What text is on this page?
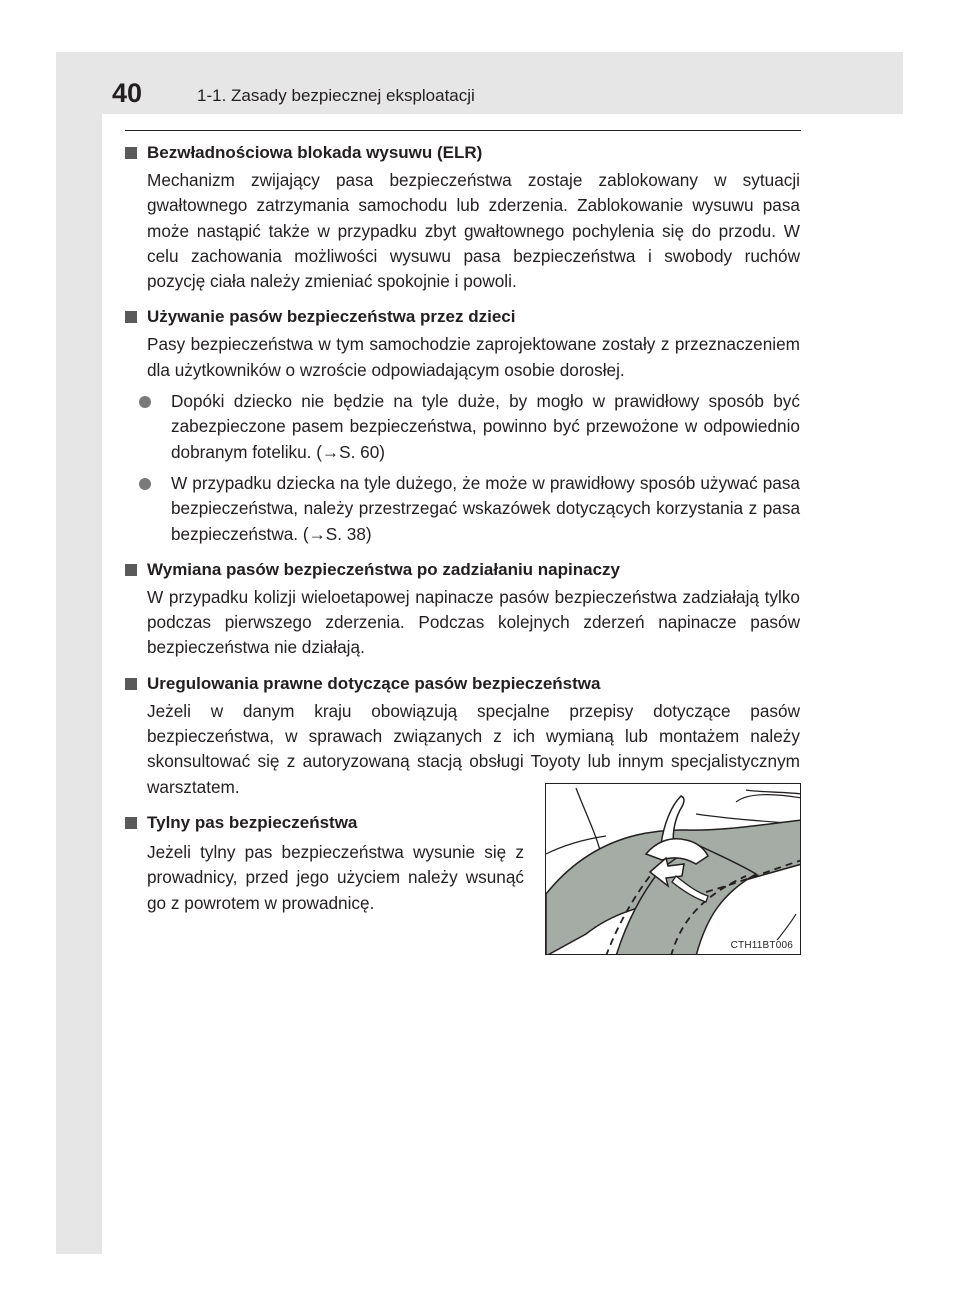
40	1-1. Zasady bezpiecznej eksploatacji
Bezwładnościowa blokada wysuwu (ELR)
Mechanizm zwijający pasa bezpieczeństwa zostaje zablokowany w sytuacji gwałtownego zatrzymania samochodu lub zderzenia. Zablokowanie wysuwu pasa może nastąpić także w przypadku zbyt gwałtownego pochylenia się do przodu. W celu zachowania możliwości wysuwu pasa bezpieczeństwa i swobody ruchów pozycję ciała należy zmieniać spokojnie i powoli.
Używanie pasów bezpieczeństwa przez dzieci
Pasy bezpieczeństwa w tym samochodzie zaprojektowane zostały z przeznaczeniem dla użytkowników o wzroście odpowiadającym osobie dorosłej.
Dopóki dziecko nie będzie na tyle duże, by mogło w prawidłowy sposób być zabezpieczone pasem bezpieczeństwa, powinno być przewożone w odpowiednio dobranym foteliku. (→S. 60)
W przypadku dziecka na tyle dużego, że może w prawidłowy sposób używać pasa bezpieczeństwa, należy przestrzegać wskazówek dotyczących korzystania z pasa bezpieczeństwa. (→S. 38)
Wymiana pasów bezpieczeństwa po zadziałaniu napinaczy
W przypadku kolizji wieloetapowej napinacze pasów bezpieczeństwa zadziałają tylko podczas pierwszego zderzenia. Podczas kolejnych zderzeń napinacze pasów bezpieczeństwa nie działają.
Uregulowania prawne dotyczące pasów bezpieczeństwa
Jeżeli w danym kraju obowiązują specjalne przepisy dotyczące pasów bezpieczeństwa, w sprawach związanych z ich wymianą lub montażem należy skonsultować się z autoryzowaną stacją obsługi Toyoty lub innym specjalistycznym warsztatem.
Tylny pas bezpieczeństwa
Jeżeli tylny pas bezpieczeństwa wysunie się z prowadnicy, przed jego użyciem należy wsunąć go z powrotem w prowadnicę.
CTH11BT006
